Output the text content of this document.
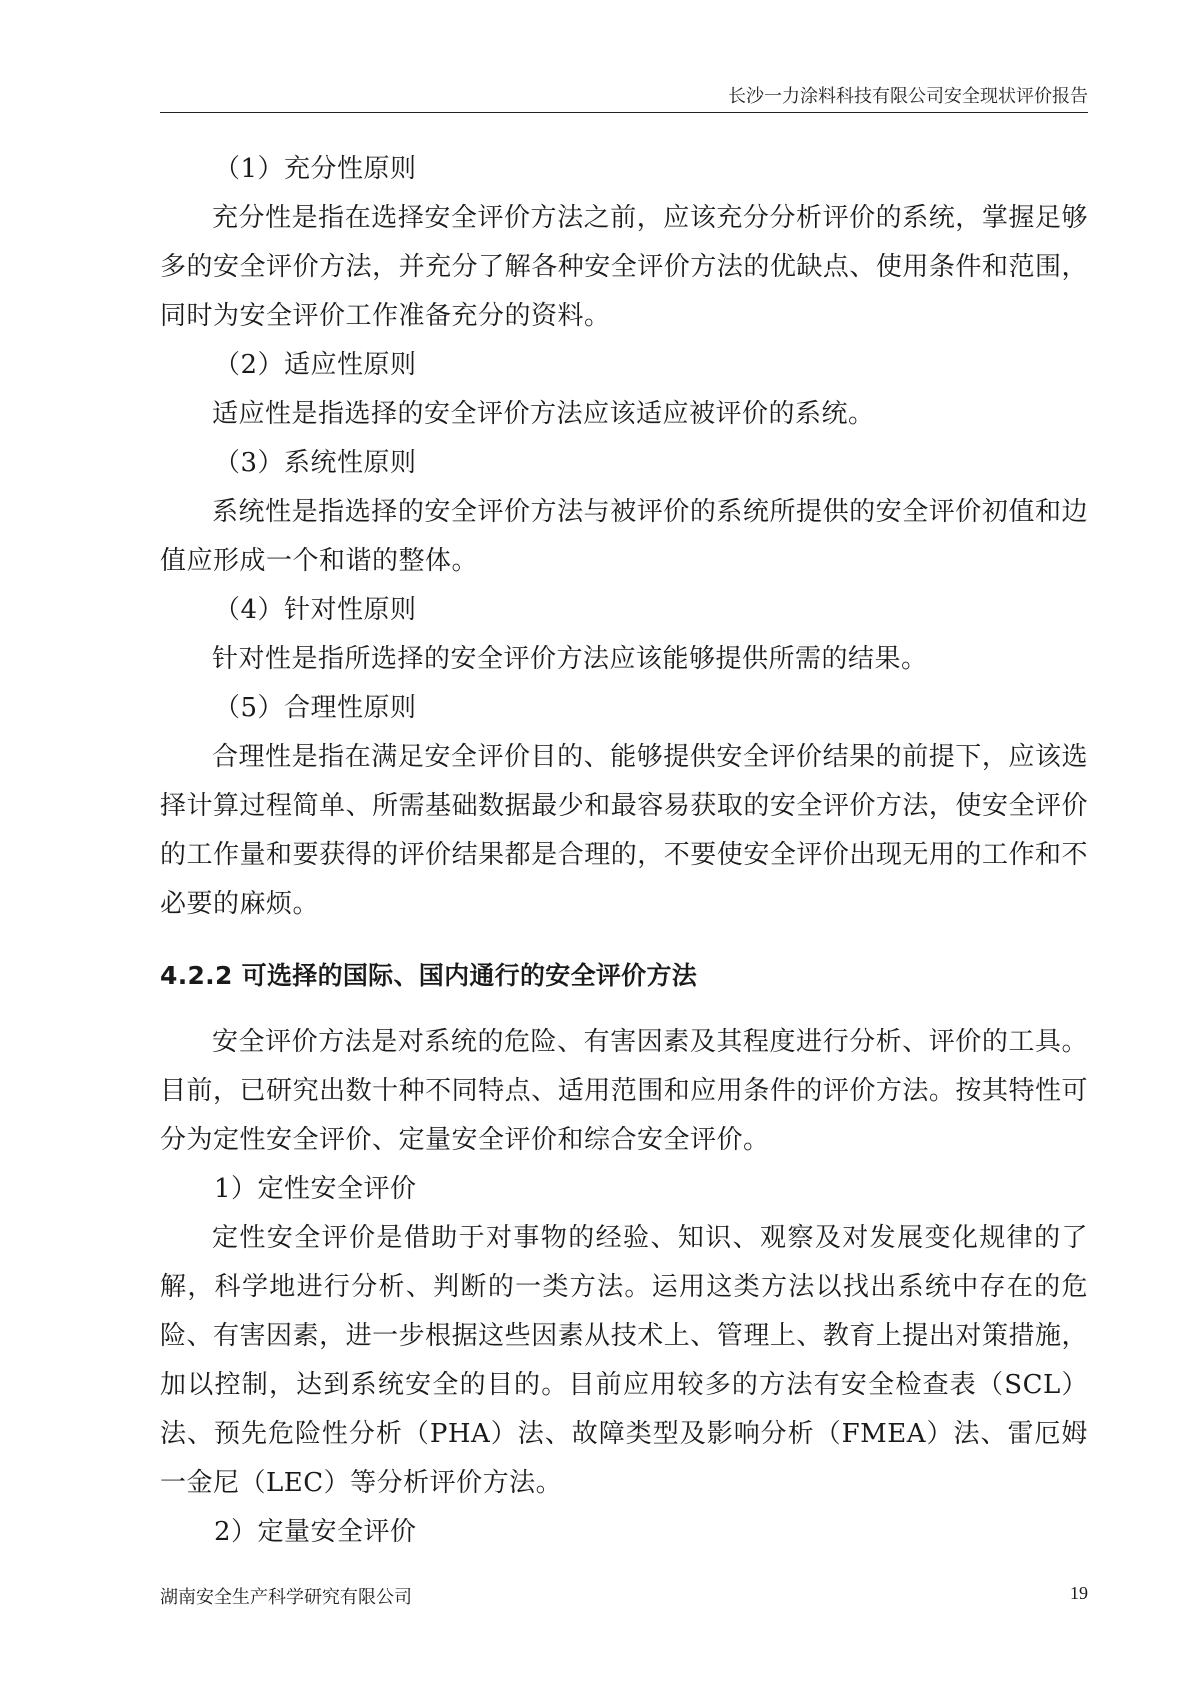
长沙一力涂料科技有限公司安全现状评价报告

（1）充分性原则

充分性是指在选择安全评价方法之前，应该充分分析评价的系统，掌握足够多的安全评价方法，并充分了解各种安全评价方法的优缺点、使用条件和范围，同时为安全评价工作准备充分的资料。

（2）适应性原则

适应性是指选择的安全评价方法应该适应被评价的系统。

（3）系统性原则

系统性是指选择的安全评价方法与被评价的系统所提供的安全评价初值和边值应形成一个和谐的整体。

（4）针对性原则

针对性是指所选择的安全评价方法应该能够提供所需的结果。

（5）合理性原则

合理性是指在满足安全评价目的、能够提供安全评价结果的前提下，应该选择计算过程简单、所需基础数据最少和最容易获取的安全评价方法，使安全评价的工作量和要获得的评价结果都是合理的，不要使安全评价出现无用的工作和不必要的麻烦。

4.2.2 可选择的国际、国内通行的安全评价方法

安全评价方法是对系统的危险、有害因素及其程度进行分析、评价的工具。目前，已研究出数十种不同特点、适用范围和应用条件的评价方法。按其特性可分为定性安全评价、定量安全评价和综合安全评价。

1）定性安全评价

定性安全评价是借助于对事物的经验、知识、观察及对发展变化规律的了解，科学地进行分析、判断的一类方法。运用这类方法以找出系统中存在的危险、有害因素，进一步根据这些因素从技术上、管理上、教育上提出对策措施，加以控制，达到系统安全的目的。目前应用较多的方法有安全检查表（SCL）法、预先危险性分析（PHA）法、故障类型及影响分析（FMEA）法、雷厄姆一金尼（LEC）等分析评价方法。

2）定量安全评价

湖南安全生产科学研究有限公司	19
